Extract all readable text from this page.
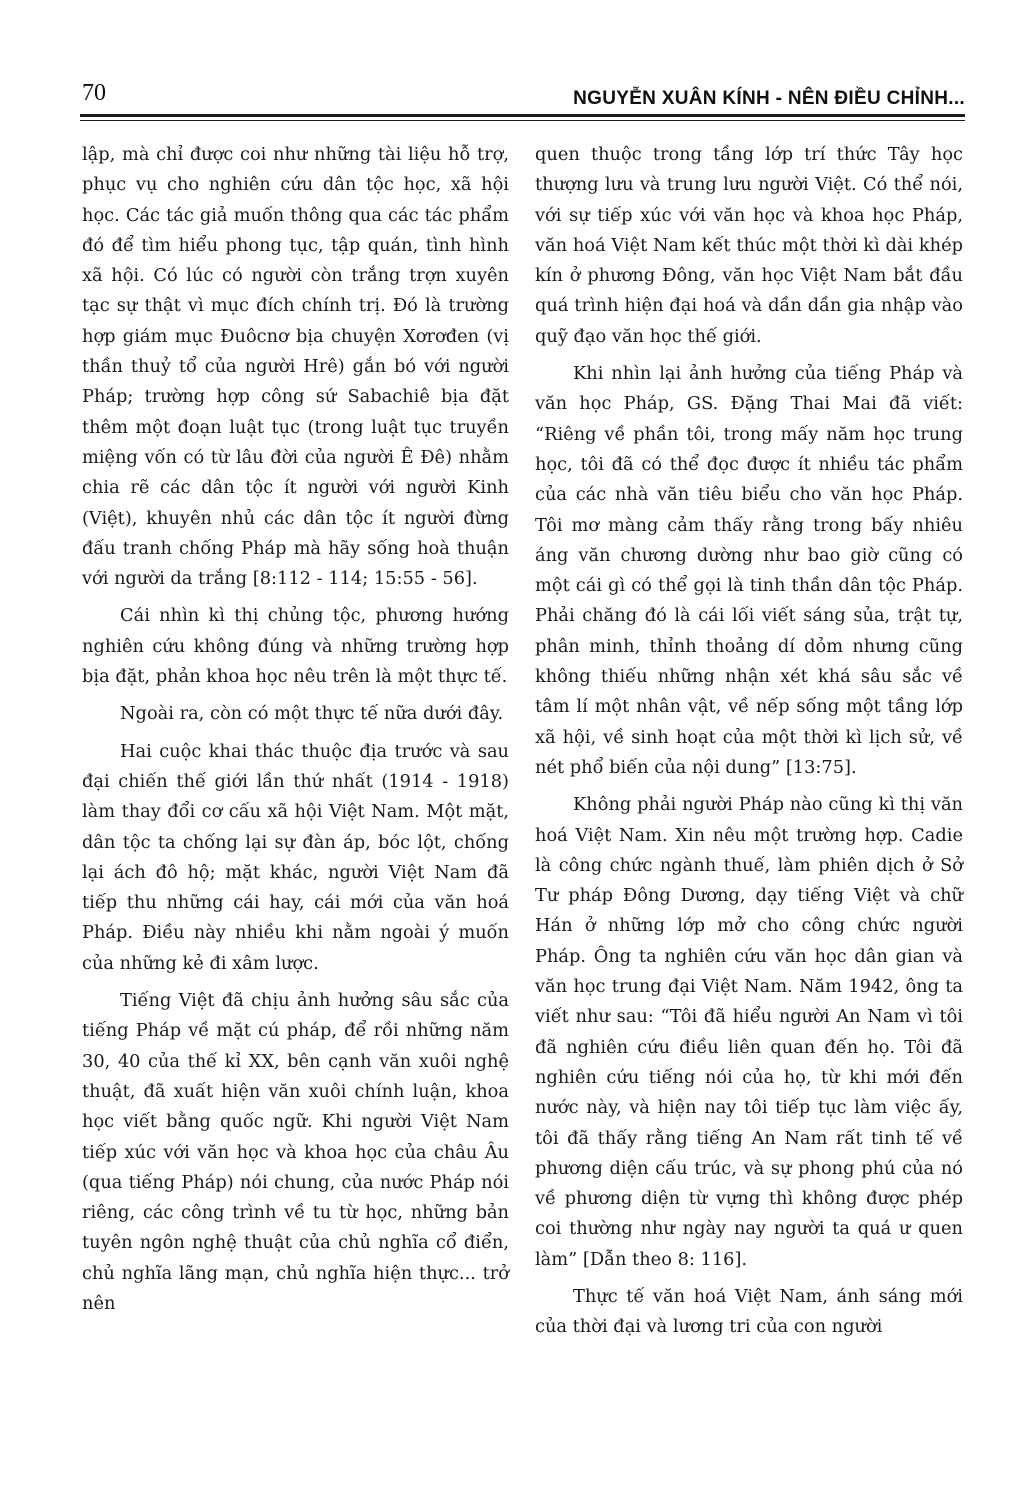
70	NGUYỄN XUÂN KÍNH - NÊN ĐIỀU CHỈNH...

lập, mà chỉ được coi như những tài liệu hỗ trợ, phục vụ cho nghiên cứu dân tộc học, xã hội học. Các tác giả muốn thông qua các tác phẩm đó để tìm hiểu phong tục, tập quán, tình hình xã hội. Có lúc có người còn trắng trợn xuyên tạc sự thật vì mục đích chính trị. Đó là trường hợp giám mục Đuôcnơ bịa chuyện Xơrơđen (vị thần thuỷ tổ của người Hrê) gắn bó với người Pháp; trường hợp công sứ Sabachiê bịa đặt thêm một đoạn luật tục (trong luật tục truyền miệng vốn có từ lâu đời của người Ê Đê) nhằm chia rẽ các dân tộc ít người với người Kinh (Việt), khuyên nhủ các dân tộc ít người đừng đấu tranh chống Pháp mà hãy sống hoà thuận với người da trắng [8:112 - 114; 15:55 - 56].

Cái nhìn kì thị chủng tộc, phương hướng nghiên cứu không đúng và những trường hợp bịa đặt, phản khoa học nêu trên là một thực tế.

Ngoài ra, còn có một thực tế nữa dưới đây.

Hai cuộc khai thác thuộc địa trước và sau đại chiến thế giới lần thứ nhất (1914 - 1918) làm thay đổi cơ cấu xã hội Việt Nam. Một mặt, dân tộc ta chống lại sự đàn áp, bóc lột, chống lại ách đô hộ; mặt khác, người Việt Nam đã tiếp thu những cái hay, cái mới của văn hoá Pháp. Điều này nhiều khi nằm ngoài ý muốn của những kẻ đi xâm lược.

Tiếng Việt đã chịu ảnh hưởng sâu sắc của tiếng Pháp về mặt cú pháp, để rồi những năm 30, 40 của thế kỉ XX, bên cạnh văn xuôi nghệ thuật, đã xuất hiện văn xuôi chính luận, khoa học viết bằng quốc ngữ. Khi người Việt Nam tiếp xúc với văn học và khoa học của châu Âu (qua tiếng Pháp) nói chung, của nước Pháp nói riêng, các công trình về tu từ học, những bản tuyên ngôn nghệ thuật của chủ nghĩa cổ điển, chủ nghĩa lãng mạn, chủ nghĩa hiện thực... trở nên

quen thuộc trong tầng lớp trí thức Tây học thượng lưu và trung lưu người Việt. Có thể nói, với sự tiếp xúc với văn học và khoa học Pháp, văn hoá Việt Nam kết thúc một thời kì dài khép kín ở phương Đông, văn học Việt Nam bắt đầu quá trình hiện đại hoá và dần dần gia nhập vào quỹ đạo văn học thế giới.

Khi nhìn lại ảnh hưởng của tiếng Pháp và văn học Pháp, GS. Đặng Thai Mai đã viết: “Riêng về phần tôi, trong mấy năm học trung học, tôi đã có thể đọc được ít nhiều tác phẩm của các nhà văn tiêu biểu cho văn học Pháp. Tôi mơ màng cảm thấy rằng trong bấy nhiêu áng văn chương dường như bao giờ cũng có một cái gì có thể gọi là tinh thần dân tộc Pháp. Phải chăng đó là cái lối viết sáng sủa, trật tự, phân minh, thỉnh thoảng dí dỏm nhưng cũng không thiếu những nhận xét khá sâu sắc về tâm lí một nhân vật, về nếp sống một tầng lớp xã hội, về sinh hoạt của một thời kì lịch sử, về nét phổ biến của nội dung” [13:75].

Không phải người Pháp nào cũng kì thị văn hoá Việt Nam. Xin nêu một trường hợp. Cadie là công chức ngành thuế, làm phiên dịch ở Sở Tư pháp Đông Dương, dạy tiếng Việt và chữ Hán ở những lớp mở cho công chức người Pháp. Ông ta nghiên cứu văn học dân gian và văn học trung đại Việt Nam. Năm 1942, ông ta viết như sau: “Tôi đã hiểu người An Nam vì tôi đã nghiên cứu điều liên quan đến họ. Tôi đã nghiên cứu tiếng nói của họ, từ khi mới đến nước này, và hiện nay tôi tiếp tục làm việc ấy, tôi đã thấy rằng tiếng An Nam rất tinh tế về phương diện cấu trúc, và sự phong phú của nó về phương diện từ vựng thì không được phép coi thường như ngày nay người ta quá ư quen làm” [Dẫn theo 8: 116].

Thực tế văn hoá Việt Nam, ánh sáng mới của thời đại và lương tri của con người
